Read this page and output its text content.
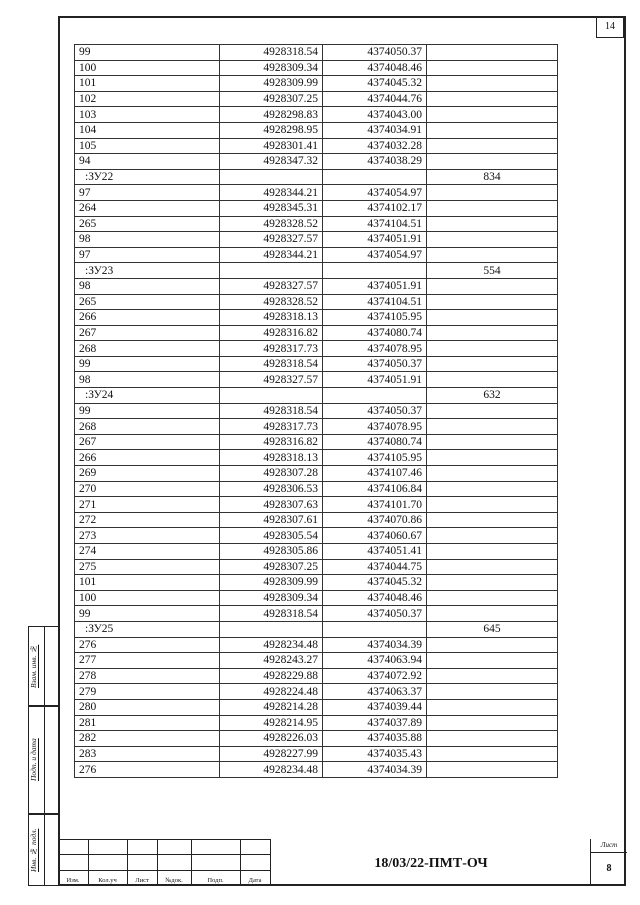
14
99	4928318.54	4374050.37	
100	4928309.34	4374048.46	
101	4928309.99	4374045.32	
102	4928307.25	4374044.76	
103	4928298.83	4374043.00	
104	4928298.95	4374034.91	
105	4928301.41	4374032.28	
94	4928347.32	4374038.29	
:ЗУ22			834
97	4928344.21	4374054.97	
264	4928345.31	4374102.17	
265	4928328.52	4374104.51	
98	4928327.57	4374051.91	
97	4928344.21	4374054.97	
:ЗУ23			554
98	4928327.57	4374051.91	
265	4928328.52	4374104.51	
266	4928318.13	4374105.95	
267	4928316.82	4374080.74	
268	4928317.73	4374078.95	
99	4928318.54	4374050.37	
98	4928327.57	4374051.91	
:ЗУ24			632
99	4928318.54	4374050.37	
268	4928317.73	4374078.95	
267	4928316.82	4374080.74	
266	4928318.13	4374105.95	
269	4928307.28	4374107.46	
270	4928306.53	4374106.84	
271	4928307.63	4374101.70	
272	4928307.61	4374070.86	
273	4928305.54	4374060.67	
274	4928305.86	4374051.41	
275	4928307.25	4374044.75	
101	4928309.99	4374045.32	
100	4928309.34	4374048.46	
99	4928318.54	4374050.37	
:ЗУ25			645
276	4928234.48	4374034.39	
277	4928243.27	4374063.94	
278	4928229.88	4374072.92	
279	4928224.48	4374063.37	
280	4928214.28	4374039.44	
281	4928214.95	4374037.89	
282	4928226.03	4374035.88	
283	4928227.99	4374035.43	
276	4928234.48	4374034.39	
Взам. инв. №
Подп. и дата
Инв. № подл.
Изм.	Кол.уч	Лист	№док.	Подп.	Дата
18/03/22-ПМТ-ОЧ
Лист
8
